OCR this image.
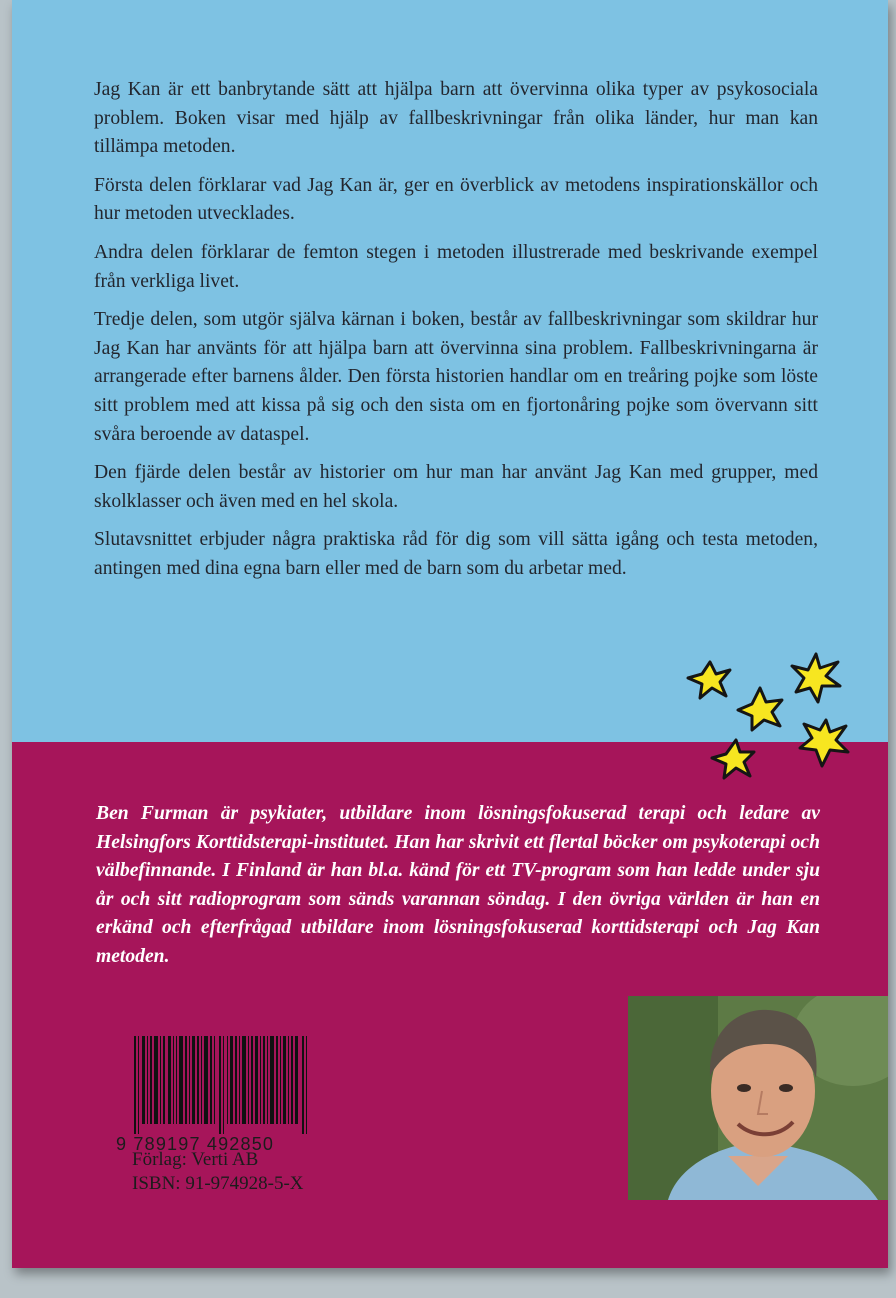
Jag Kan är ett banbrytande sätt att hjälpa barn att övervinna olika typer av psykosociala problem. Boken visar med hjälp av fallbeskrivningar från olika länder, hur man kan tillämpa metoden.

Första delen förklarar vad Jag Kan är, ger en överblick av metodens inspirationskällor och hur metoden utvecklades.

Andra delen förklarar de femton stegen i metoden illustrerade med beskrivande exempel från verkliga livet.

Tredje delen, som utgör själva kärnan i boken, består av fallbeskrivningar som skildrar hur Jag Kan har använts för att hjälpa barn att övervinna sina problem. Fallbeskrivningarna är arrangerade efter barnens ålder. Den första historien handlar om en treåring pojke som löste sitt problem med att kissa på sig och den sista om en fjortonåring pojke som övervann sitt svåra beroende av dataspel.

Den fjärde delen består av historier om hur man har använt Jag Kan med grupper, med skolklasser och även med en hel skola.

Slutavsnittet erbjuder några praktiska råd för dig som vill sätta igång och testa metoden, antingen med dina egna barn eller med de barn som du arbetar med.

Ben Furman är psykiater, utbildare inom lösningsfokuserad terapi och ledare av Helsingfors Korttidsterapi-institutet. Han har skrivit ett flertal böcker om psykoterapi och välbefinnande. I Finland är han bl.a. känd för ett TV-program som han ledde under sju år och sitt radioprogram som sänds varannan söndag. I den övriga världen är han en erkänd och efterfrågad utbildare inom lösningsfokuserad korttidsterapi och Jag Kan metoden.
9 789197 492850
Förlag: Verti AB
ISBN: 91-974928-5-X
